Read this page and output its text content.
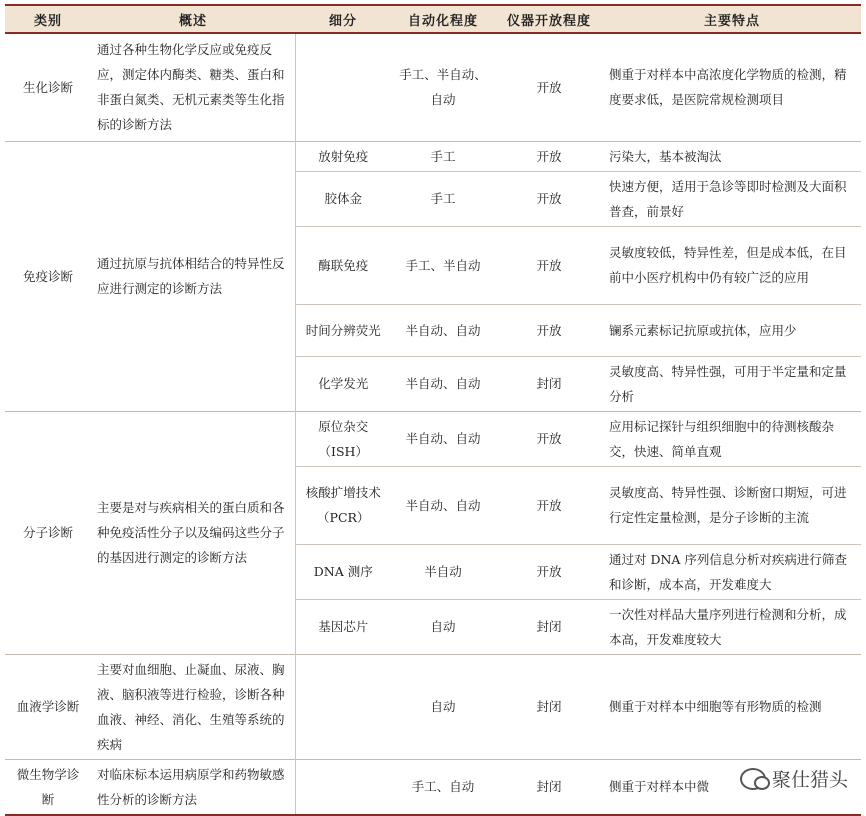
类别	概述	细分	自动化程度	仪器开放程度	主要特点
生化诊断	通过各种生物化学反应或免疫反应，测定体内酶类、糖类、蛋白和非蛋白氮类、无机元素类等生化指标的诊断方法		手工、半自动、自动	开放	侧重于对样本中高浓度化学物质的检测，精度要求低，是医院常规检测项目
免疫诊断	通过抗原与抗体相结合的特异性反应进行测定的诊断方法	放射免疫	手工	开放	污染大，基本被淘汰
		胶体金	手工	开放	快速方便，适用于急诊等即时检测及大面积普查，前景好
		酶联免疫	手工、半自动	开放	灵敏度较低，特异性差，但是成本低，在目前中小医疗机构中仍有较广泛的应用
		时间分辨荧光	半自动、自动	开放	镧系元素标记抗原或抗体，应用少
		化学发光	半自动、自动	封闭	灵敏度高、特异性强，可用于半定量和定量分析
分子诊断	主要是对与疾病相关的蛋白质和各种免疫活性分子以及编码这些分子的基因进行测定的诊断方法	原位杂交（ISH）	半自动、自动	开放	应用标记探针与组织细胞中的待测核酸杂交，快速、简单直观
		核酸扩增技术（PCR）	半自动、自动	开放	灵敏度高、特异性强、诊断窗口期短，可进行定性定量检测，是分子诊断的主流
		DNA 测序	半自动	开放	通过对 DNA 序列信息分析对疾病进行筛查和诊断，成本高，开发难度大
		基因芯片	自动	封闭	一次性对样品大量序列进行检测和分析，成本高，开发难度较大
血液学诊断	主要对血细胞、止凝血、尿液、胸液、脑积液等进行检验，诊断各种血液、神经、消化、生殖等系统的疾病		自动	封闭	侧重于对样本中细胞等有形物质的检测
微生物学诊断	对临床标本运用病原学和药物敏感性分析的诊断方法		手工、自动	封闭	侧重于对样本中微	聚仕猎头
